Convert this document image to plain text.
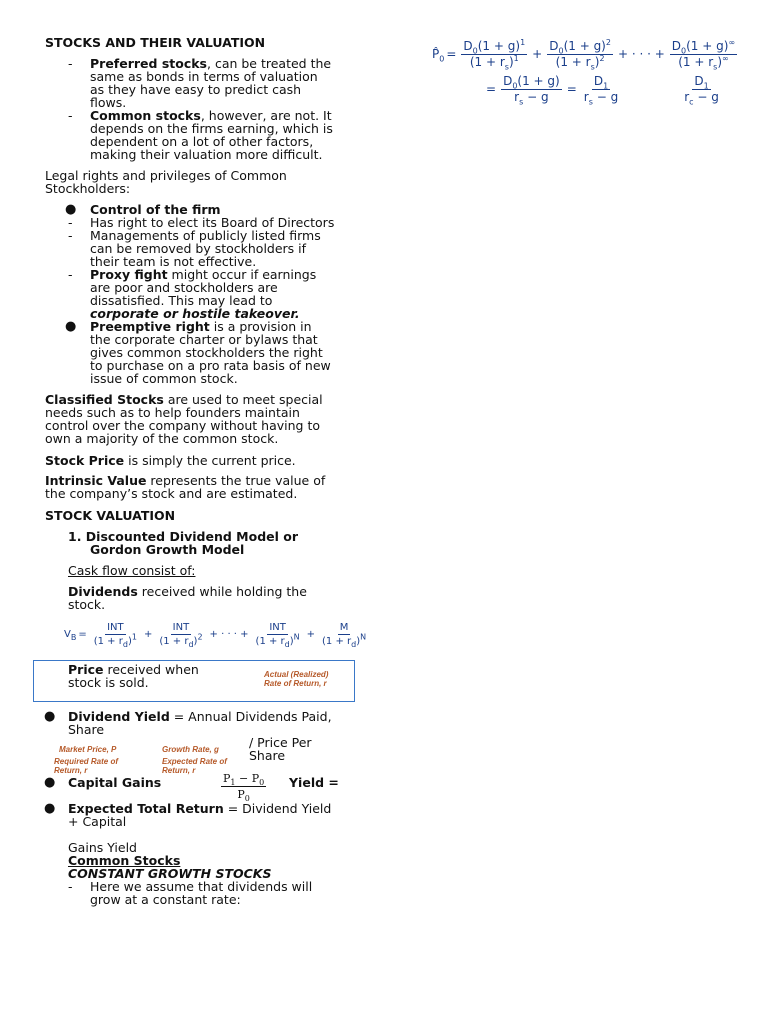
$P̂_0 = \frac{D_0(1 + g)^1}{(1 + r_s)^1} + \frac{D_0(1 + g)^2}{(1 + r_s)^2}$ + · · · + $\frac{D_0(1 + g)^\infty}{(1 + r_s)^\infty}$
= $\frac{D_0(1 + g)}{r_s - g} = \frac{D_1}{r_s - g}$	$\frac{D_1}{r_c - g}$
STOCKS AND THEIR VALUATION
- Preferred stocks, can be treated the
same as bonds in terms of valuation
as they have easy to predict cash
flows.
- Common stocks, however, are not. It
depends on the firms earning, which is
dependent on a lot of other factors,
making their valuation more difficult.
Legal rights and privileges of Common
Stockholders:
● Control of the firm
- Has right to elect its Board of Directors
- Managements of publicly listed firms
can be removed by stockholders if
their team is not effective.
- Proxy fight might occur if earnings
are poor and stockholders are
dissatisfied. This may lead to
corporate or hostile takeover.
● Preemptive right is a provision in
the corporate charter or bylaws that
gives common stockholders the right
to purchase on a pro rata basis of new
issue of common stock.
Classified Stocks are used to meet special
needs such as to help founders maintain
control over the company without having to
own a majority of the common stock.
Stock Price is simply the current price.
Intrinsic Value represents the true value of
the company’s stock and are estimated.
STOCK VALUATION
1. Discounted Dividend Model or
Gordon Growth Model
Cask flow consist of:
Dividends received while holding the
stock.
$V_B = \frac{\text{INT}}{(1 + r_d)^1} + \frac{\text{INT}}{(1 + r_d)^2}$ + · · · + $\frac{\text{INT}}{(1 + r_d)^N} + \frac{M}{(1 + r_d)^N}$
Price received when
stock is sold.
Actual (Realized)
Rate of Return, r
● Dividend Yield = Annual Dividends Paid,
Share
/ Price Per
Share
Market Price, P
Required Rate of
Return, r
Growth Rate, g
Expected Rate of
Return, r
● Capital Gains	$\frac{P_1 - P_0}{P_0}$ Yield =
● Expected Total Return = Dividend Yield
+ Capital
Gains Yield
Common Stocks
CONSTANT GROWTH STOCKS
- Here we assume that dividends will
grow at a constant rate:
